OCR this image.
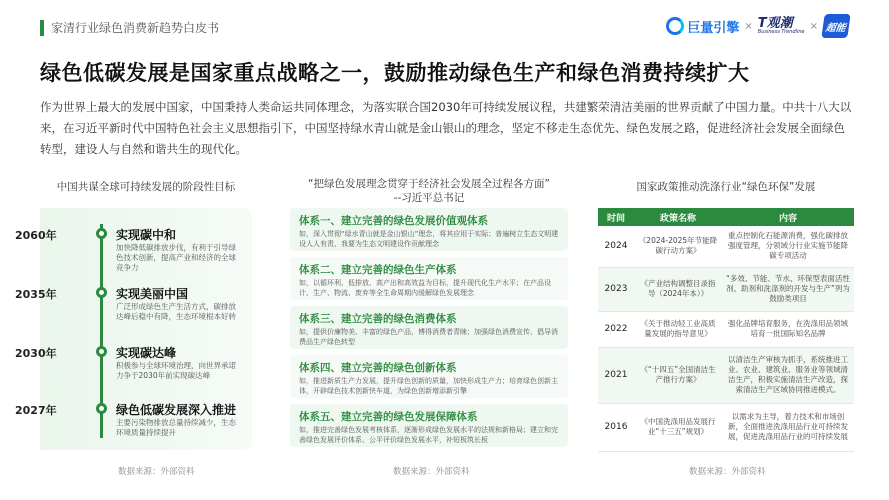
家清行业绿色消费新趋势白皮书	巨量引擎 × T观潮
Business Trendline
× 超能
绿色低碳发展是国家重点战略之一，鼓励推动绿色生产和绿色消费持续扩大
作为世界上最大的发展中国家，中国秉持人类命运共同体理念，为落实联合国2030年可持续发展议程，共建繁荣清洁美丽的世界贡献了中国力量。中共十八大以来，在习近平新时代中国特色社会主义思想指引下，中国坚持绿水青山就是金山银山的理念，坚定不移走生态优先、绿色发展之路，促进经济社会发展全面绿色转型，建设人与自然和谐共生的现代化。
中国共谋全球可持续发展的阶段性目标
2060年	实现碳中和
加快降低碳排放步伐，有利于引导绿色技术创新，提高产业和经济的全球竞争力
2035年	实现美丽中国
广泛形成绿色生产生活方式，碳排放达峰后稳中有降，生态环境根本好转
2030年	实现碳达峰
积极参与全球环境治理，向世界承诺力争于2030年前实现碳达峰
2027年	绿色低碳发展深入推进
主要污染物排放总量持续减少，生态环境质量持续提升
数据来源：外部资料
“把绿色发展理念贯穿于经济社会发展全过程各方面”
--习近平总书记
体系一、建立完善的绿色发展价值观体系
如，深入贯彻“绿水青山就是金山银山”理念，将其应用于实际；普遍树立生态文明建设人人有责、我要为生态文明建设作贡献理念
体系二、建立完善的绿色生产体系
如，以循环利、低排放、高产出和高效益为目标，提升现代化生产水平；在产品设计、生产、物流、废弃等全生命周期内缓解绿色发展理念
体系三、建立完善的绿色消费体系
如，提供价廉物美、丰富的绿色产品，博得消费者青睐；加强绿色消费宣传、倡导消费品生产绿色转型
体系四、建立完善的绿色创新体系
如，推进新质生产力发展，提升绿色创新的质量，加快形成生产力；培育绿色创新主体，开辟绿色技术创新快车道，为绿色创新增添新引擎
体系五、建立完善的绿色发展保障体系
如，推进完善绿色发展考核体系，逐渐形成绿色发展水平的法规和新格局；建立和完善绿色发展评价体系、公平评价绿色发展水平，补短板筑长板
数据来源：外部资料
国家政策推动洗涤行业“绿色环保”发展
时间	政策名称	内容
2024	《2024-2025年节能降碳行动方案》	重点控制化石能源消费，强化碳排放强度管理，分领域分行业实施节能降碳专项活动
2023	《产业结构调整目录指导（2024年本）》	“多效、节能、节水、环保型表面活性剂、助剂和洗涤剂的开发与生产”列为鼓励类项目
2022	《关于推动轻工业高质量发展的指导意见》	强化品牌培育服务，在洗涤用品领域培育一批国际知名品牌
2021	《“十四五”全国清洁生产推行方案》	以清洁生产审核为抓手，系统推进工业、农业、建筑业、服务业等领域清洁生产，积极实施清洁生产改造，探索清洁生产区域协同推进模式。
2016	《中国洗涤用品发展行业“十三五”规划》	以需求为主导，着力技术和市场创新，全面推进洗涤用品行业可持续发展，促进洗涤用品行业的可持续发展
数据来源：外部资料
